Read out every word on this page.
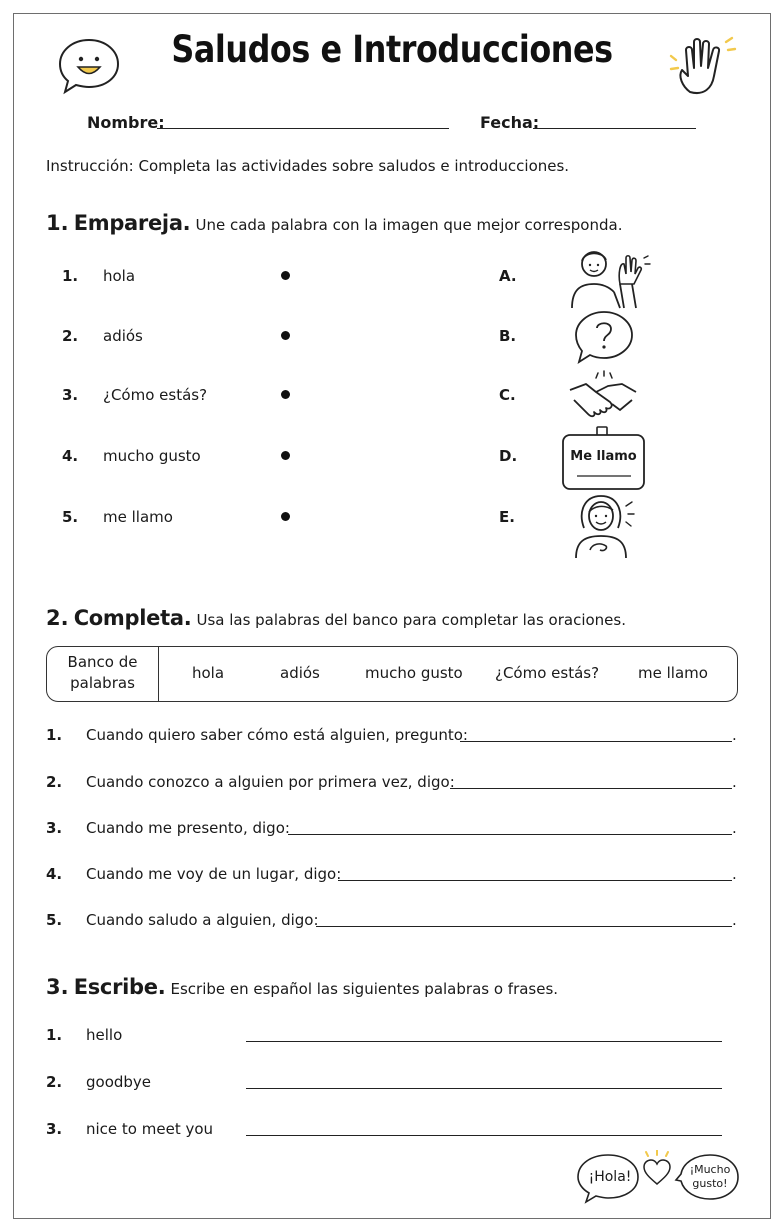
Saludos e Introducciones
Nombre:	Fecha:
Instrucción: Completa las actividades sobre saludos e introducciones.
1. Empareja. Une cada palabra con la imagen que mejor corresponda.
1. hola	A.
2. adiós	B.
3. ¿Cómo estás?	C.
4. mucho gusto	D.
5. me llamo	E.
Me llamo
2. Completa. Usa las palabras del banco para completar las oraciones.
Banco de
palabras
hola	adiós	mucho gusto ¿Cómo estás?	me llamo
1. Cuando quiero saber cómo está alguien, pregunto:	.
2. Cuando conozco a alguien por primera vez, digo:	.
3. Cuando me presento, digo:	.
4. Cuando me voy de un lugar, digo:	.
5. Cuando saludo a alguien, digo:	.
3. Escribe. Escribe en español las siguientes palabras o frases.
1. hello
2. goodbye
3. nice to meet you
¡Hola!	¡Mucho
gusto!
